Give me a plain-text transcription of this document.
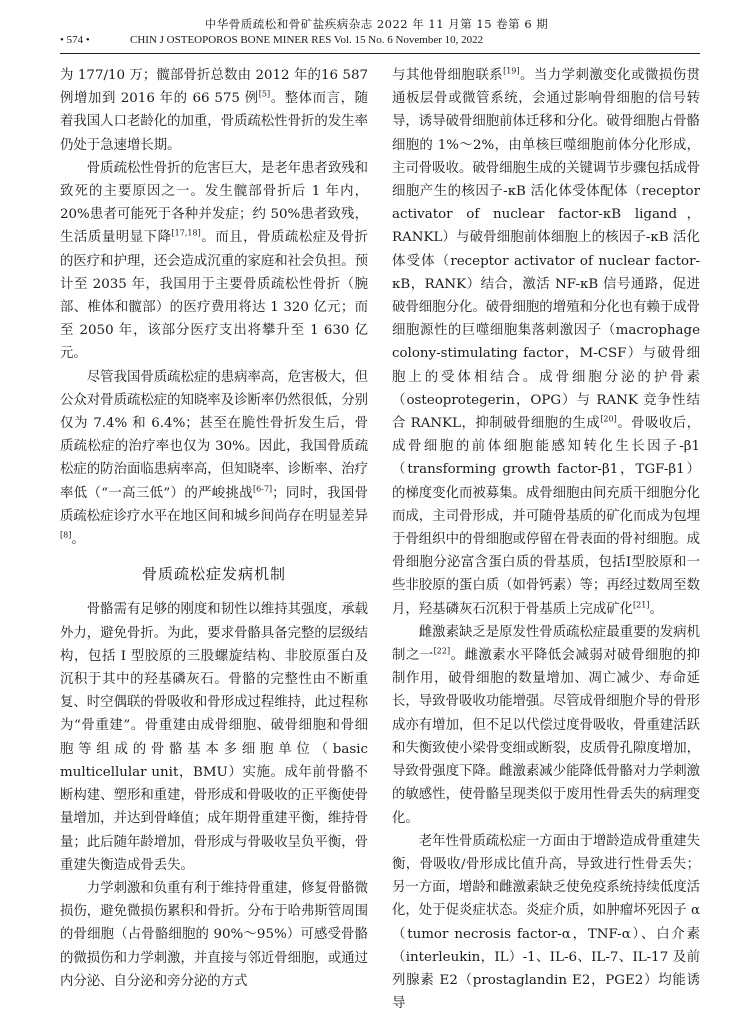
中华骨质疏松和骨矿盐疾病杂志 2022 年 11 月第 15 卷第 6 期
• 574 •	CHIN J OSTEOPOROS BONE MINER RES Vol. 15 No. 6 November 10, 2022

为 177/10 万；髋部骨折总数由 2012 年的16 587 例增加到 2016 年的 66 575 例[5]。整体而言，随着我国人口老龄化的加重，骨质疏松性骨折的发生率仍处于急速增长期。

骨质疏松性骨折的危害巨大，是老年患者致残和致死的主要原因之一。发生髋部骨折后 1 年内，20%患者可能死于各种并发症；约 50%患者致残，生活质量明显下降[17,18]。而且，骨质疏松症及骨折的医疗和护理，还会造成沉重的家庭和社会负担。预计至 2035 年，我国用于主要骨质疏松性骨折（腕部、椎体和髋部）的医疗费用将达 1 320 亿元；而至 2050 年，该部分医疗支出将攀升至 1 630 亿元。

尽管我国骨质疏松症的患病率高，危害极大，但公众对骨质疏松症的知晓率及诊断率仍然很低，分别仅为 7.4% 和 6.4%；甚至在脆性骨折发生后，骨质疏松症的治疗率也仅为 30%。因此，我国骨质疏松症的防治面临患病率高，但知晓率、诊断率、治疗率低（“一高三低”）的严峻挑战[6-7]；同时，我国骨质疏松症诊疗水平在地区间和城乡间尚存在明显差异[8]。

骨质疏松症发病机制

骨骼需有足够的刚度和韧性以维持其强度，承载外力，避免骨折。为此，要求骨骼具备完整的层级结构，包括 I 型胶原的三股螺旋结构、非胶原蛋白及沉积于其中的羟基磷灰石。骨骼的完整性由不断重复、时空偶联的骨吸收和骨形成过程维持，此过程称为“骨重建”。骨重建由成骨细胞、破骨细胞和骨细胞等组成的骨骼基本多细胞单位（basic multicellular unit，BMU）实施。成年前骨骼不断构建、塑形和重建，骨形成和骨吸收的正平衡使骨量增加，并达到骨峰值；成年期骨重建平衡，维持骨量；此后随年龄增加，骨形成与骨吸收呈负平衡，骨重建失衡造成骨丢失。

力学刺激和负重有利于维持骨重建，修复骨骼微损伤，避免微损伤累积和骨折。分布于哈弗斯管周围的骨细胞（占骨骼细胞的 90%～95%）可感受骨骼的微损伤和力学刺激，并直接与邻近骨细胞，或通过内分泌、自分泌和旁分泌的方式

与其他骨细胞联系[19]。当力学刺激变化或微损伤贯通板层骨或微管系统，会通过影响骨细胞的信号转导，诱导破骨细胞前体迁移和分化。破骨细胞占骨骼细胞的 1%～2%，由单核巨噬细胞前体分化形成，主司骨吸收。破骨细胞生成的关键调节步骤包括成骨细胞产生的核因子-κB 活化体受体配体（receptor activator of nuclear factor-κB ligand，RANKL）与破骨细胞前体细胞上的核因子-κB 活化体受体（receptor activator of nuclear factor-κB，RANK）结合，激活 NF-κB 信号通路，促进破骨细胞分化。破骨细胞的增殖和分化也有赖于成骨细胞源性的巨噬细胞集落刺激因子（macrophage colony-stimulating factor，M-CSF）与破骨细胞上的受体相结合。成骨细胞分泌的护骨素（osteoprotegerin，OPG）与 RANK 竞争性结合 RANKL，抑制破骨细胞的生成[20]。骨吸收后，成骨细胞的前体细胞能感知转化生长因子-β1（transforming growth factor-β1，TGF-β1）的梯度变化而被募集。成骨细胞由间充质干细胞分化而成，主司骨形成，并可随骨基质的矿化而成为包埋于骨组织中的骨细胞或停留在骨表面的骨衬细胞。成骨细胞分泌富含蛋白质的骨基质，包括I型胶原和一些非胶原的蛋白质（如骨钙素）等；再经过数周至数月，羟基磷灰石沉积于骨基质上完成矿化[21]。

雌激素缺乏是原发性骨质疏松症最重要的发病机制之一[22]。雌激素水平降低会减弱对破骨细胞的抑制作用，破骨细胞的数量增加、凋亡减少、寿命延长，导致骨吸收功能增强。尽管成骨细胞介导的骨形成亦有增加，但不足以代偿过度骨吸收，骨重建活跃和失衡致使小梁骨变细或断裂，皮质骨孔隙度增加，导致骨强度下降。雌激素减少能降低骨骼对力学刺激的敏感性，使骨骼呈现类似于废用性骨丢失的病理变化。

老年性骨质疏松症一方面由于增龄造成骨重建失衡，骨吸收/骨形成比值升高，导致进行性骨丢失；另一方面，增龄和雌激素缺乏使免疫系统持续低度活化，处于促炎症状态。炎症介质，如肿瘤坏死因子 α（tumor necrosis factor-α，TNF-α）、白介素（interleukin，IL）-1、IL-6、IL-7、IL-17 及前列腺素 E2（prostaglandin E2，PGE2）均能诱导
